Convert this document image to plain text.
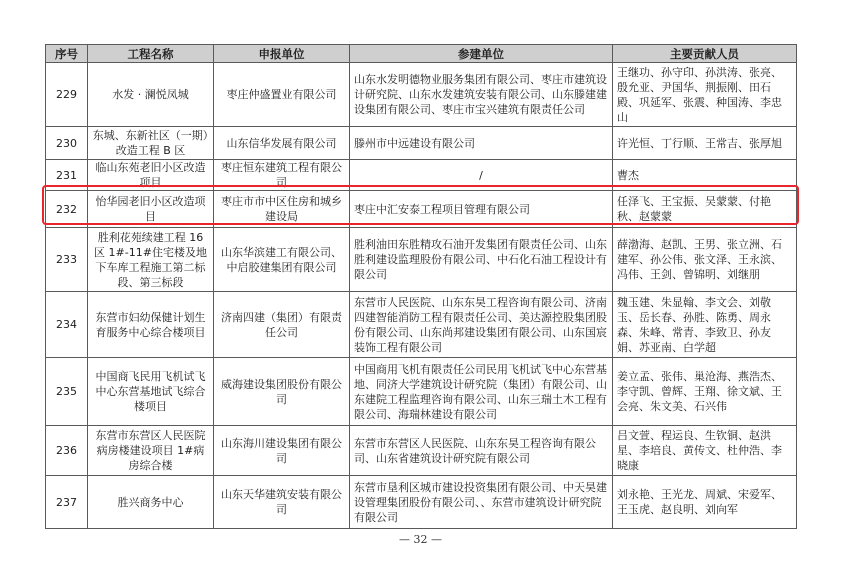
序号	工程名称	申报单位	参建单位	主要贡献人员
229	水发 · 澜悦凤城	枣庄仲盛置业有限公司	山东水发明德物业服务集团有限公司、枣庄市建筑设计研究院、山东水发建筑安装有限公司、山东滕建建设集团有限公司、枣庄市宝兴建筑有限责任公司	王继功、孙守印、孙洪涛、张亮、殷允亚、尹国华、荆振刚、田石殿、巩延军、张震、种国涛、李忠山
230	东城、东新社区（一期）改造工程 B 区	山东信华发展有限公司	滕州市中远建设有限公司	许光恒、丁行顺、王常吉、张厚旭
231	临山东苑老旧小区改造项目	枣庄恒东建筑工程有限公司	/	曹杰
232	怡华园老旧小区改造项目	枣庄市市中区住房和城乡建设局	枣庄中汇安泰工程项目管理有限公司	任泽飞、王宝振、吴蒙蒙、付艳秋、赵蒙蒙
233	胜利花苑续建工程 16 区 1#-11#住宅楼及地下车库工程施工第二标段、第三标段	山东华滨建工有限公司、中启胶建集团有限公司	胜利油田东胜精攻石油开发集团有限责任公司、山东胜利建设监理股份有限公司、中石化石油工程设计有限公司	薛渤海、赵凯、王男、张立洲、石建军、孙公伟、张文泽、王永滨、冯伟、王剑、曾锦明、刘继朋
234	东营市妇幼保健计划生育服务中心综合楼项目	济南四建（集团）有限责任公司	东营市人民医院、山东东昊工程咨询有限公司、济南四建智能消防工程有限责任公司、美达源控股集团股份有限公司、山东尚邦建设集团有限公司、山东国宸装饰工程有限公司	魏玉建、朱显翰、李文会、刘敬玉、岳长春、孙胜、陈勇、周永森、朱峰、常青、李致卫、孙友娟、苏亚南、白学超
235	中国商飞民用飞机试飞中心东营基地试飞综合楼项目	威海建设集团股份有限公司	中国商用飞机有限责任公司民用飞机试飞中心东营基地、同济大学建筑设计研究院（集团）有限公司、山东建院工程监理咨询有限公司、山东三瑞土木工程有限公司、海瑞林建设有限公司	姜立孟、张伟、巢沧海、燕浩杰、李守凯、曾辉、王翔、徐文斌、王会亮、朱文美、石兴伟
236	东营市东营区人民医院病房楼建设项目 1#病房综合楼	山东海川建设集团有限公司	东营市东营区人民医院、山东东昊工程咨询有限公司、山东省建筑设计研究院有限公司	吕文萱、程运良、生钦铜、赵洪星、李培良、黄传文、杜仲浩、李晓康
237	胜兴商务中心	山东天华建筑安装有限公司	东营市垦利区城市建设投资集团有限公司、中天昊建设管理集团股份有限公司、、东营市建筑设计研究院有限公司	刘永艳、王光龙、周斌、宋爱军、王玉虎、赵良明、刘向军
— 32 —
